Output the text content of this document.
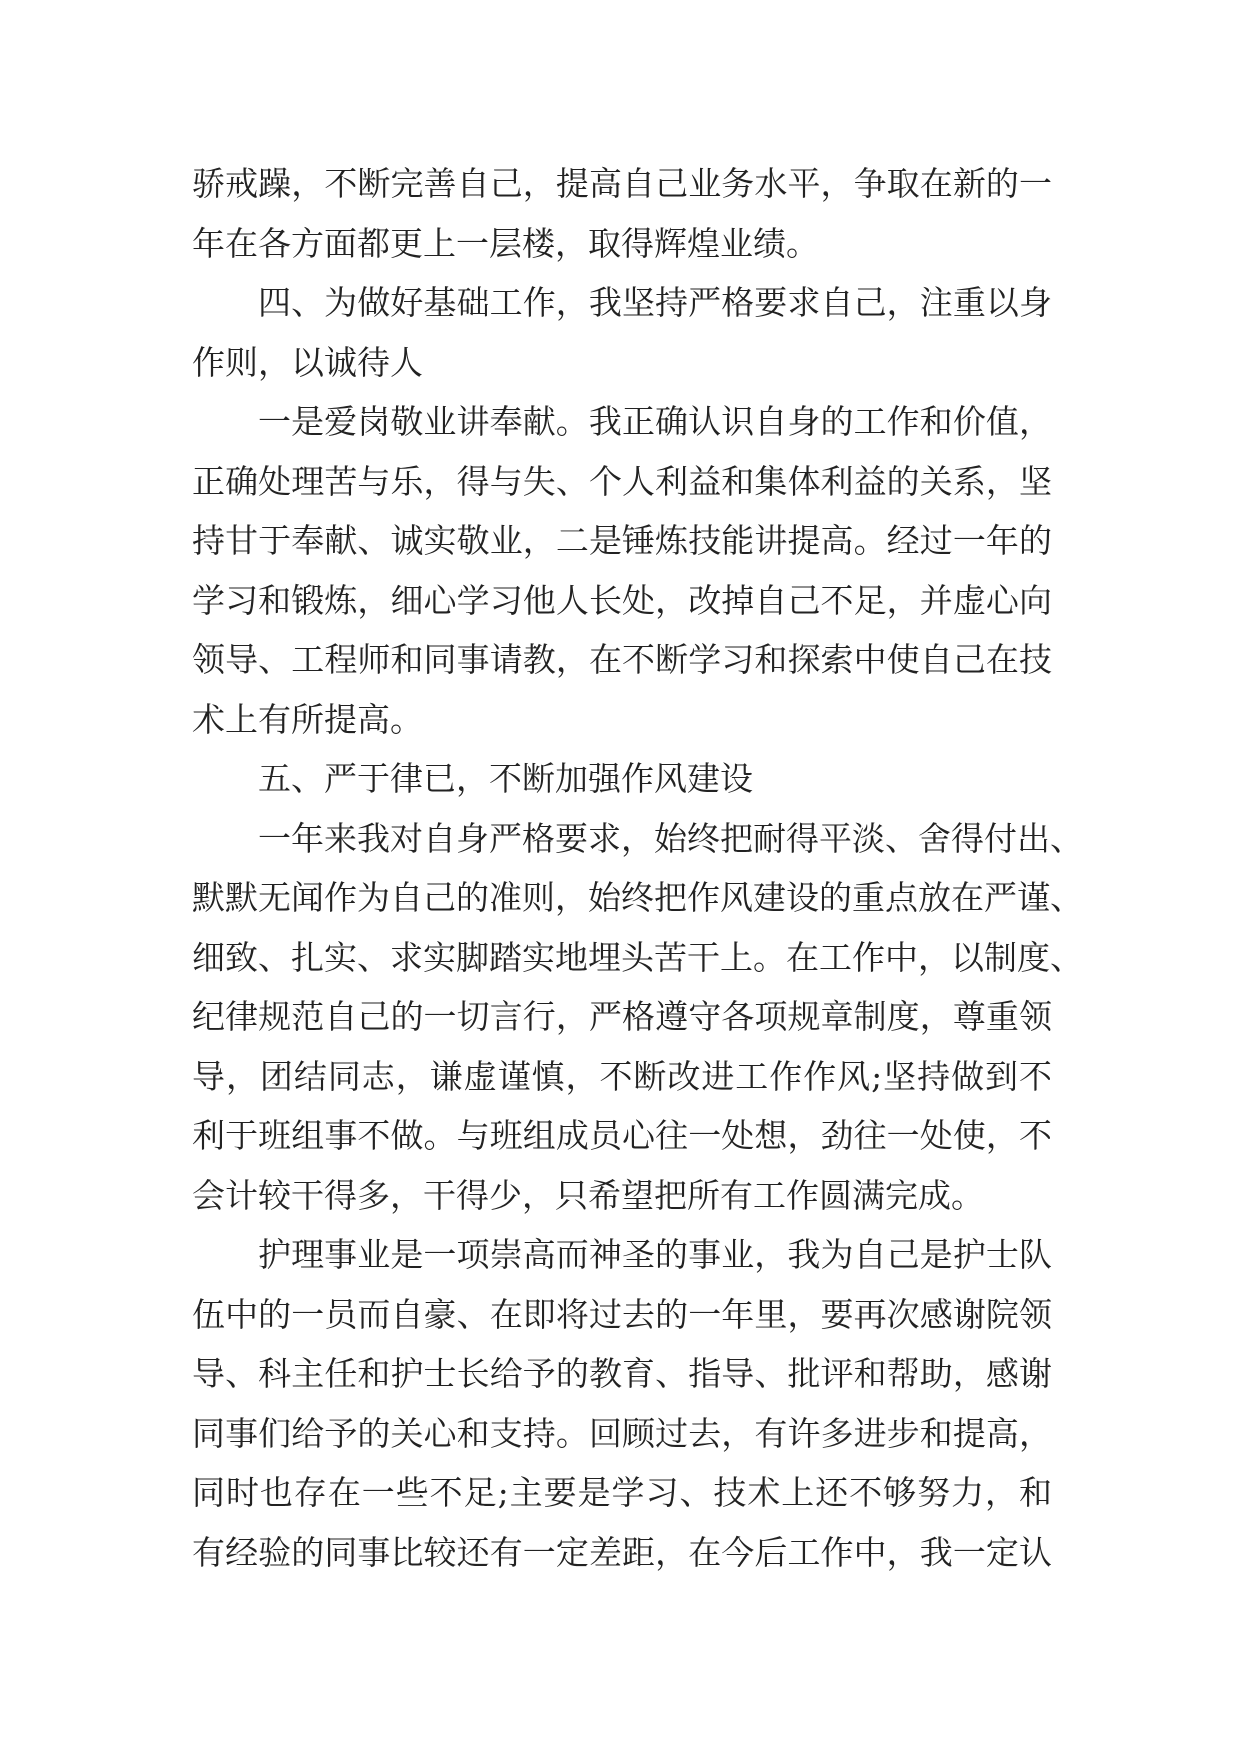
骄戒躁，不断完善自己，提高自己业务水平，争取在新的一
年在各方面都更上一层楼，取得辉煌业绩。
四、为做好基础工作，我坚持严格要求自己，注重以身
作则，以诚待人
一是爱岗敬业讲奉献。我正确认识自身的工作和价值，
正确处理苦与乐，得与失、个人利益和集体利益的关系，坚
持甘于奉献、诚实敬业，二是锤炼技能讲提高。经过一年的
学习和锻炼，细心学习他人长处，改掉自己不足，并虚心向
领导、工程师和同事请教，在不断学习和探索中使自己在技
术上有所提高。
五、严于律已，不断加强作风建设
一年来我对自身严格要求，始终把耐得平淡、舍得付出、
默默无闻作为自己的准则，始终把作风建设的重点放在严谨、
细致、扎实、求实脚踏实地埋头苦干上。在工作中，以制度、
纪律规范自己的一切言行，严格遵守各项规章制度，尊重领
导，团结同志，谦虚谨慎，不断改进工作作风;坚持做到不
利于班组事不做。与班组成员心往一处想，劲往一处使，不
会计较干得多，干得少，只希望把所有工作圆满完成。
护理事业是一项崇高而神圣的事业，我为自己是护士队
伍中的一员而自豪、在即将过去的一年里，要再次感谢院领
导、科主任和护士长给予的教育、指导、批评和帮助，感谢
同事们给予的关心和支持。回顾过去，有许多进步和提高，
同时也存在一些不足;主要是学习、技术上还不够努力，和
有经验的同事比较还有一定差距，在今后工作中，我一定认
